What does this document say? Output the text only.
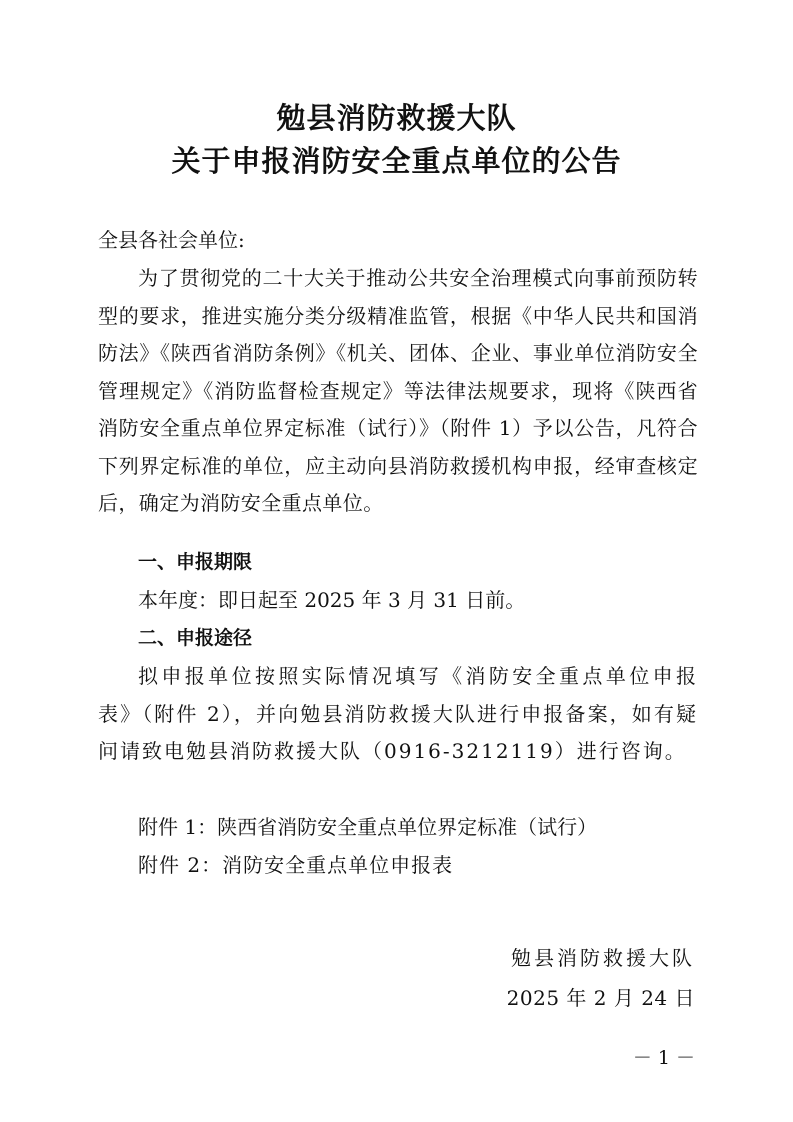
勉县消防救援大队
关于申报消防安全重点单位的公告
全县各社会单位:
为了贯彻党的二十大关于推动公共安全治理模式向事前预防转型的要求，推进实施分类分级精准监管，根据《中华人民共和国消防法》《陕西省消防条例》《机关、团体、企业、事业单位消防安全管理规定》《消防监督检查规定》等法律法规要求，现将《陕西省消防安全重点单位界定标准（试行）》（附件 1）予以公告，凡符合下列界定标准的单位，应主动向县消防救援机构申报，经审查核定后，确定为消防安全重点单位。
一、申报期限
本年度：即日起至 2025 年 3 月 31 日前。
二、申报途径
拟申报单位按照实际情况填写《消防安全重点单位申报表》（附件 2），并向勉县消防救援大队进行申报备案，如有疑问请致电勉县消防救援大队（0916-3212119）进行咨询。
附件 1：陕西省消防安全重点单位界定标准（试行）
附件 2：消防安全重点单位申报表
勉县消防救援大队
2025 年 2 月 24 日
－ 1 －
